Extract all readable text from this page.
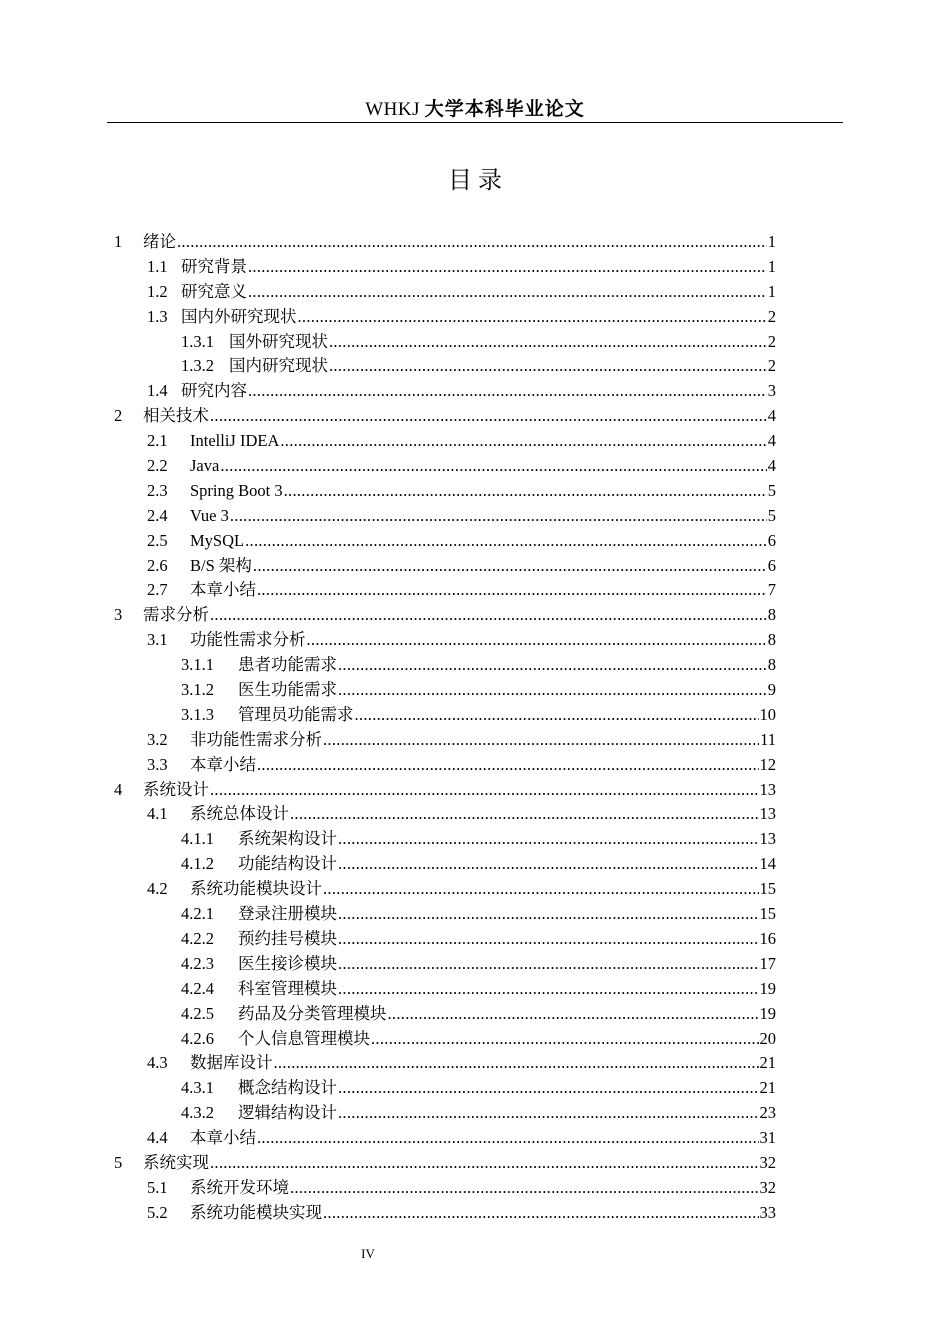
WHKJ 大学本科毕业论文
目 录
1	绪论 .....	1
1.1 研究背景 .....	1
1.2 研究意义 .....	1
1.3 国内外研究现状 .....	2
1.3.1 国外研究现状 .....	2
1.3.2 国内研究现状 .....	2
1.4 研究内容 .....	3
2	相关技术 .....	4
2.1	IntelliJ IDEA .....	4
2.2	Java .....	4
2.3	Spring Boot 3 .....	5
2.4	Vue 3 .....	5
2.5	MySQL .....	6
2.6	B/S 架构 .....	6
2.7	本章小结 .....	7
3	需求分析 .....	8
3.1	功能性需求分析 .....	8
3.1.1	患者功能需求 .....	8
3.1.2	医生功能需求 .....	9
3.1.3	管理员功能需求 .....	10
3.2	非功能性需求分析 .....	11
3.3	本章小结 .....	12
4	系统设计 .....	13
4.1	系统总体设计 .....	13
4.1.1	系统架构设计 .....	13
4.1.2	功能结构设计 .....	14
4.2	系统功能模块设计 .....	15
4.2.1	登录注册模块 .....	15
4.2.2	预约挂号模块 .....	16
4.2.3	医生接诊模块 .....	17
4.2.4	科室管理模块 .....	19
4.2.5	药品及分类管理模块 .....	19
4.2.6	个人信息管理模块 .....	20
4.3	数据库设计 .....	21
4.3.1	概念结构设计 .....	21
4.3.2	逻辑结构设计 .....	23
4.4	本章小结 .....	31
5	系统实现 .....	32
5.1	系统开发环境 .....	32
5.2	系统功能模块实现 .....	33
IV
